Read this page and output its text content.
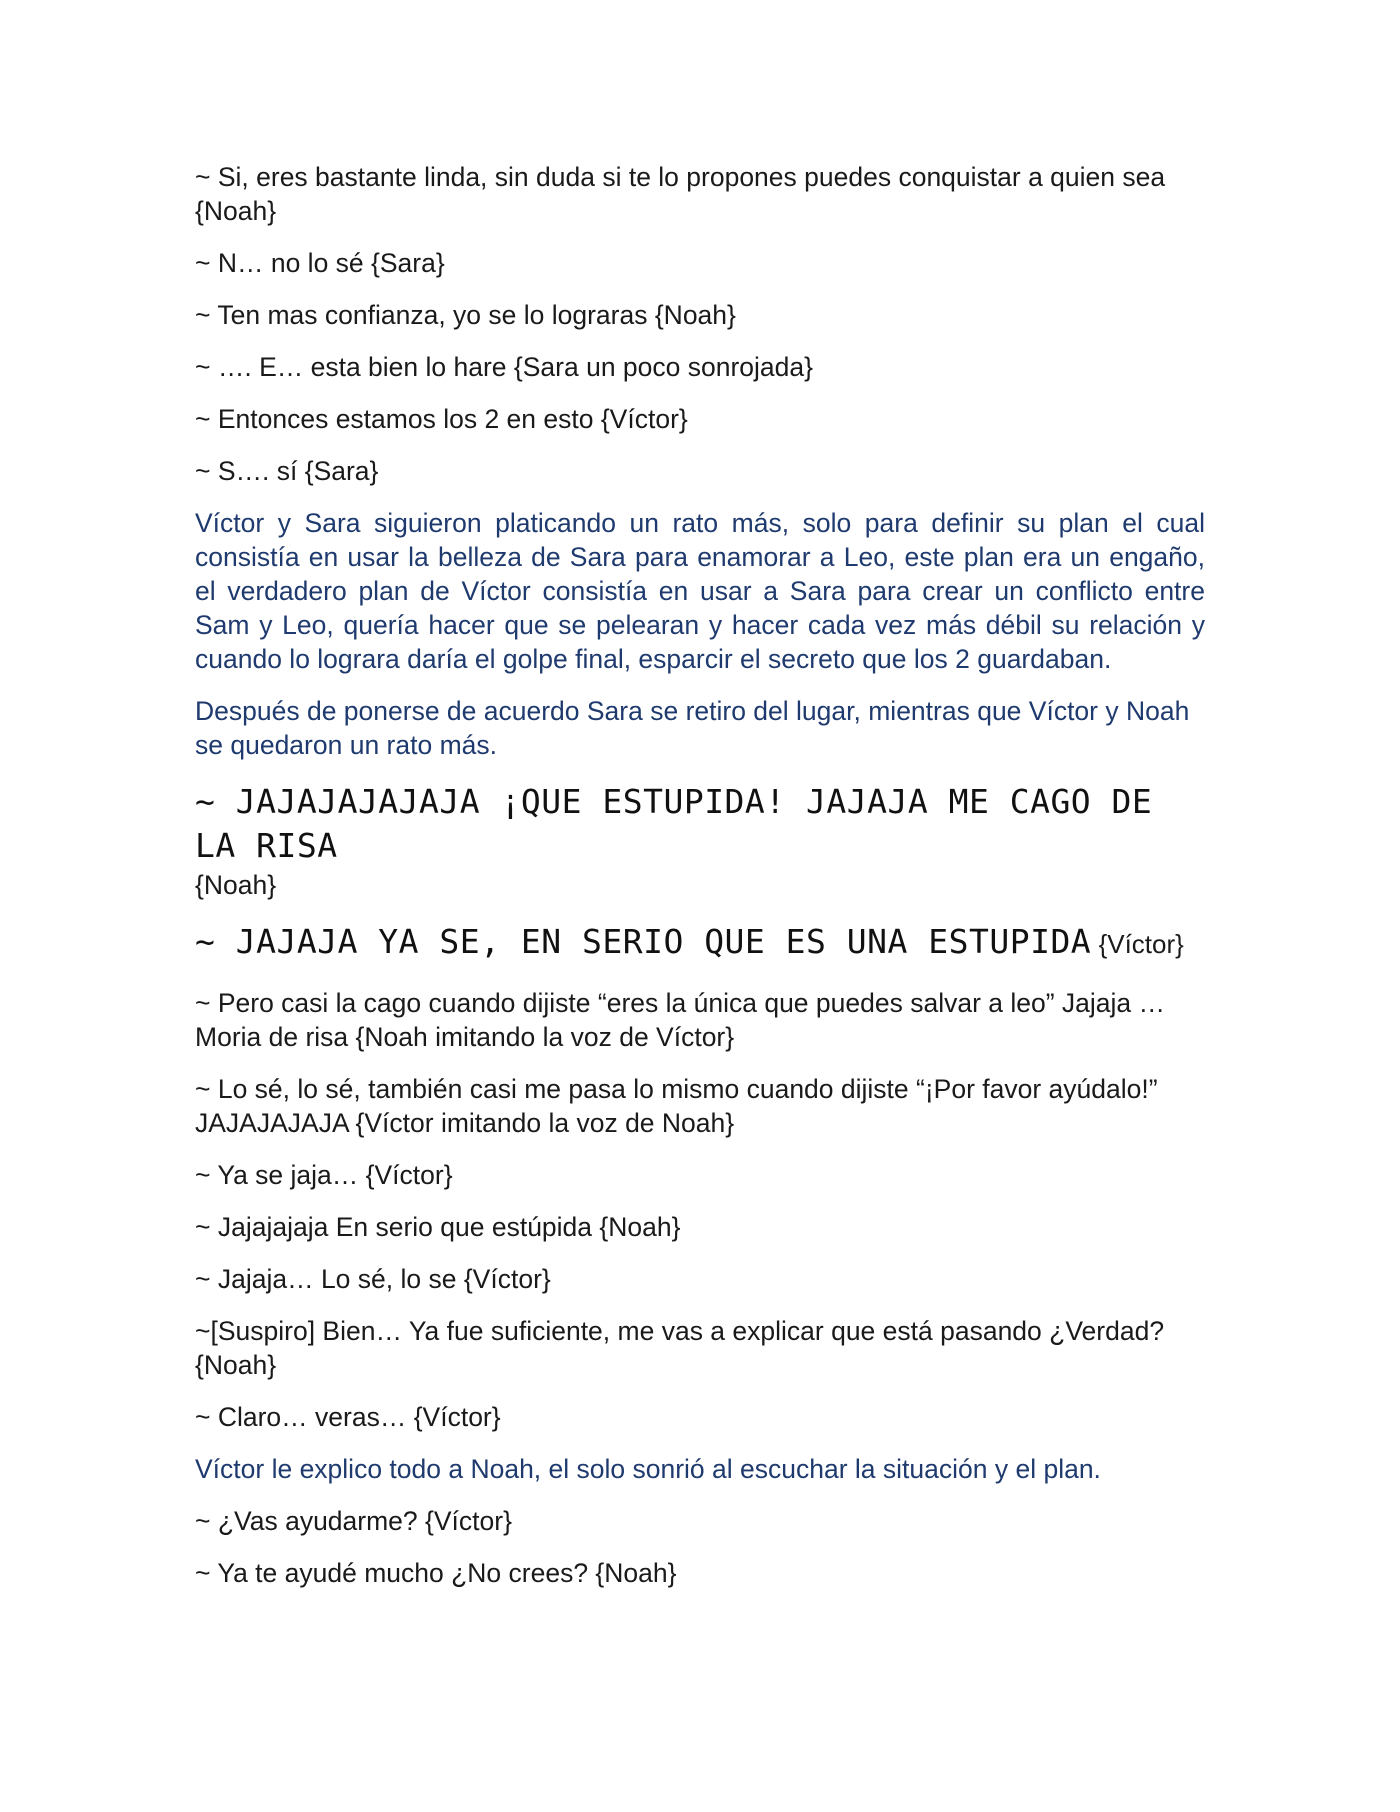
~ Si, eres bastante linda, sin duda si te lo propones puedes conquistar a quien sea {Noah}

~ N… no lo sé {Sara}

~ Ten mas confianza, yo se lo lograras {Noah}

~ …. E… esta bien lo hare {Sara un poco sonrojada}

~ Entonces estamos los 2 en esto {Víctor}

~ S…. sí {Sara}

Víctor y Sara siguieron platicando un rato más, solo para definir su plan el cual consistía en usar la belleza de Sara para enamorar a Leo, este plan era un engaño, el verdadero plan de Víctor consistía en usar a Sara para crear un conflicto entre Sam y Leo, quería hacer que se pelearan y hacer cada vez más débil su relación y cuando lo lograra daría el golpe final, esparcir el secreto que los 2 guardaban.

Después de ponerse de acuerdo Sara se retiro del lugar, mientras que Víctor y Noah se quedaron un rato más.

~ JAJAJAJAJAJA ¡QUE ESTUPIDA! JAJAJA ME CAGO DE LA RISA
{Noah}
~ JAJAJA YA SE, EN SERIO QUE ES UNA ESTUPIDA {Víctor}

~ Pero casi la cago cuando dijiste “eres la única que puedes salvar a leo” Jajaja … Moria de risa {Noah imitando la voz de Víctor}

~ Lo sé, lo sé, también casi me pasa lo mismo cuando dijiste “¡Por favor ayúdalo!” JAJAJAJAJA {Víctor imitando la voz de Noah}

~ Ya se jaja… {Víctor}

~ Jajajajaja En serio que estúpida {Noah}

~ Jajaja… Lo sé, lo se {Víctor}

~[Suspiro] Bien… Ya fue suficiente, me vas a explicar que está pasando ¿Verdad? {Noah}

~ Claro… veras… {Víctor}

Víctor le explico todo a Noah, el solo sonrió al escuchar la situación y el plan.

~ ¿Vas ayudarme? {Víctor}

~ Ya te ayudé mucho ¿No crees? {Noah}
